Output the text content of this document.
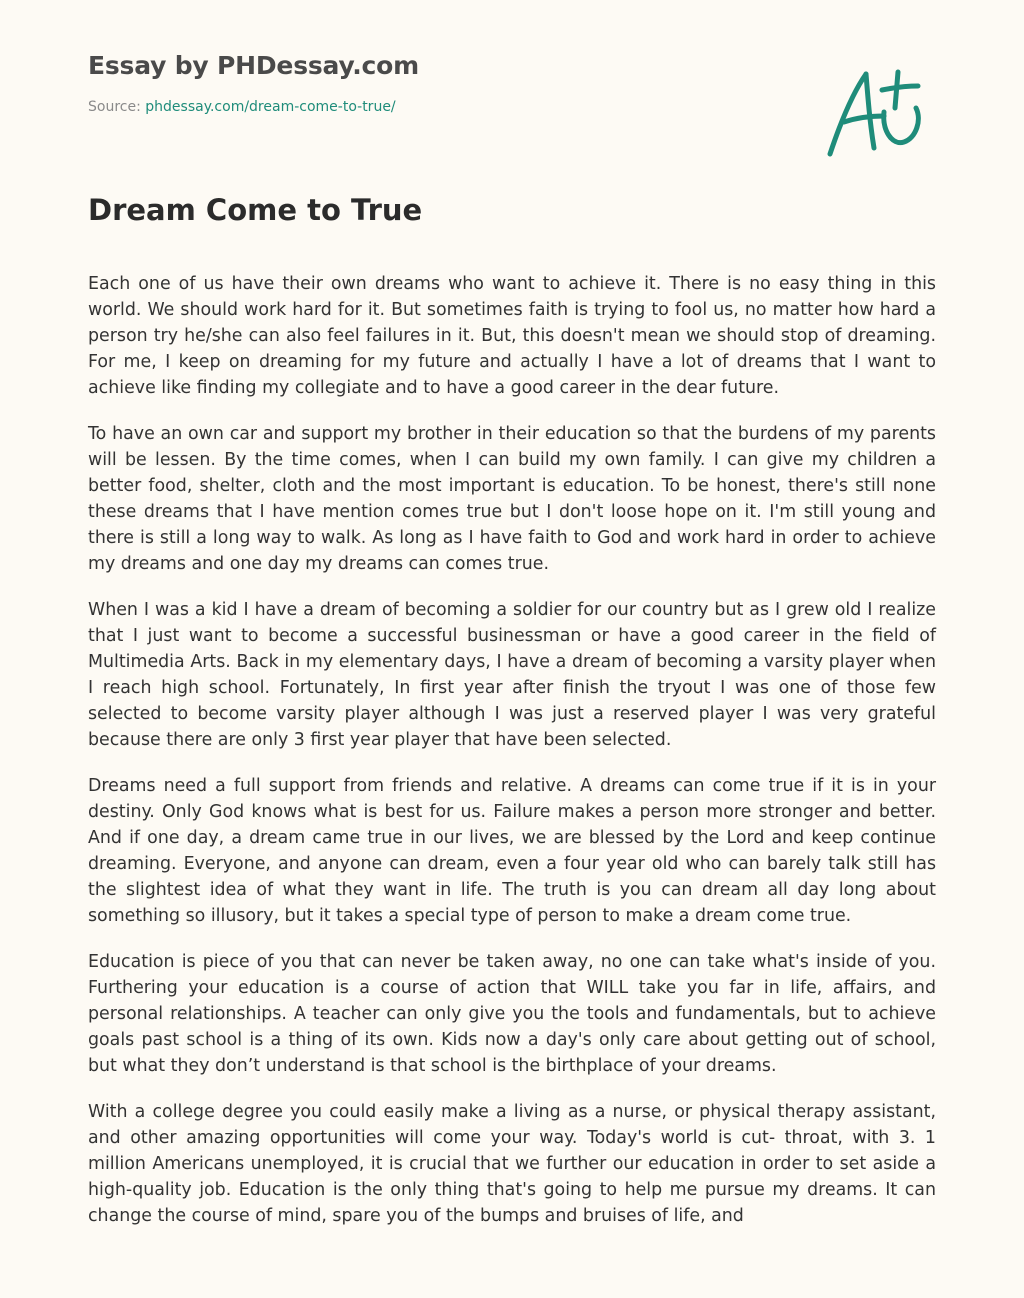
Essay by PHDessay.com
Source: phdessay.com/dream-come-to-true/
Dream Come to True

Each one of us have their own dreams who want to achieve it. There is no easy thing in this world. We should work hard for it. But sometimes faith is trying to fool us, no matter how hard a person try he/she can also feel failures in it. But, this doesn't mean we should stop of dreaming. For me, I keep on dreaming for my future and actually I have a lot of dreams that I want to achieve like finding my collegiate and to have a good career in the dear future.

To have an own car and support my brother in their education so that the burdens of my parents will be lessen. By the time comes, when I can build my own family. I can give my children a better food, shelter, cloth and the most important is education. To be honest, there's still none these dreams that I have mention comes true but I don't loose hope on it. I'm still young and there is still a long way to walk. As long as I have faith to God and work hard in order to achieve my dreams and one day my dreams can comes true.

When I was a kid I have a dream of becoming a soldier for our country but as I grew old I realize that I just want to become a successful businessman or have a good career in the field of Multimedia Arts. Back in my elementary days, I have a dream of becoming a varsity player when I reach high school. Fortunately, In first year after finish the tryout I was one of those few selected to become varsity player although I was just a reserved player I was very grateful because there are only 3 first year player that have been selected.

Dreams need a full support from friends and relative. A dreams can come true if it is in your destiny. Only God knows what is best for us. Failure makes a person more stronger and better. And if one day, a dream came true in our lives, we are blessed by the Lord and keep continue dreaming. Everyone, and anyone can dream, even a four year old who can barely talk still has the slightest idea of what they want in life. The truth is you can dream all day long about something so illusory, but it takes a special type of person to make a dream come true.

Education is piece of you that can never be taken away, no one can take what's inside of you. Furthering your education is a course of action that WILL take you far in life, affairs, and personal relationships. A teacher can only give you the tools and fundamentals, but to achieve goals past school is a thing of its own. Kids now a day's only care about getting out of school, but what they don’t understand is that school is the birthplace of your dreams.

With a college degree you could easily make a living as a nurse, or physical therapy assistant, and other amazing opportunities will come your way. Today's world is cut- throat, with 3. 1 million Americans unemployed, it is crucial that we further our education in order to set aside a high-quality job. Education is the only thing that's going to help me pursue my dreams. It can change the course of mind, spare you of the bumps and bruises of life, and
